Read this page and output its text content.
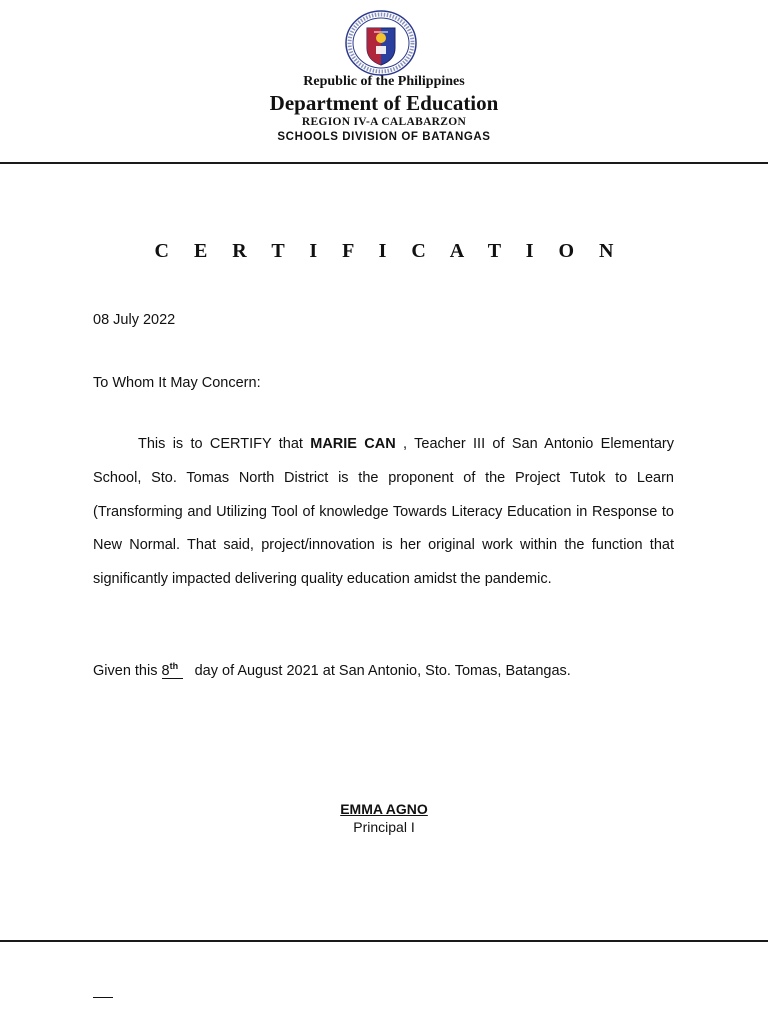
Republic of the Philippines
Department of Education
REGION IV-A CALABARZON
SCHOOLS DIVISION OF BATANGAS
C E R T I F I C A T I O N
08 July 2022
To Whom It May Concern:
This is to CERTIFY that MARIE CAN , Teacher III of San Antonio Elementary School, Sto. Tomas North District is the proponent of the Project Tutok to Learn (Transforming and Utilizing Tool of knowledge Towards Literacy Education in Response to New Normal. That said, project/innovation is her original work within the function that significantly impacted delivering quality education amidst the pandemic.
Given this 8th day of August 2021 at San Antonio, Sto. Tomas, Batangas.
EMMA AGNO
Principal I
